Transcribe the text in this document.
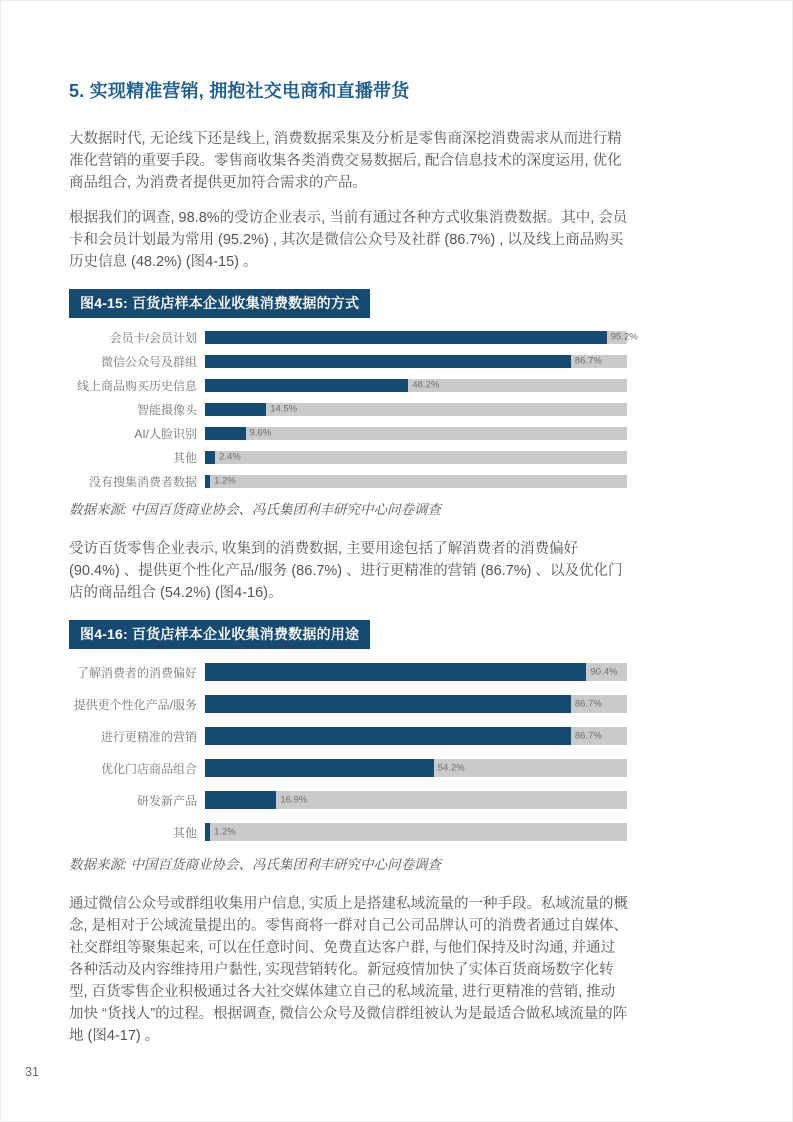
5. 实现精准营销, 拥抱社交电商和直播带货

大数据时代, 无论线下还是线上, 消费数据采集及分析是零售商深挖消费需求从而进行精准化营销的重要手段。零售商收集各类消费交易数据后, 配合信息技术的深度运用, 优化商品组合, 为消费者提供更加符合需求的产品。

根据我们的调查, 98.8%的受访企业表示, 当前有通过各种方式收集消费数据。其中, 会员卡和会员计划最为常用 (95.2%) , 其次是微信公众号及社群 (86.7%) , 以及线上商品购买历史信息 (48.2%) (图4-15) 。

图4-15: 百货店样本企业收集消费数据的方式
会员卡/会员计划	95.2%
微信公众号及群组	86.7%
线上商品购买历史信息	48.2%
智能摄像头	14.5%
AI/人脸识别	9.6%
其他	2.4%
没有搜集消费者数据	1.2%
数据来源: 中国百货商业协会、冯氏集团利丰研究中心问卷调查

受访百货零售企业表示, 收集到的消费数据, 主要用途包括了解消费者的消费偏好 (90.4%) 、提供更个性化产品/服务 (86.7%) 、进行更精准的营销 (86.7%) 、以及优化门店的商品组合 (54.2%) (图4-16)。

图4-16: 百货店样本企业收集消费数据的用途
了解消费者的消费偏好	90.4%
提供更个性化产品/服务	86.7%
进行更精准的营销	86.7%
优化门店商品组合	54.2%
研发新产品	16.9%
其他	1.2%
数据来源: 中国百货商业协会、冯氏集团利丰研究中心问卷调查

通过微信公众号或群组收集用户信息, 实质上是搭建私域流量的一种手段。私域流量的概念, 是相对于公域流量提出的。零售商将一群对自己公司品牌认可的消费者通过自媒体、社交群组等聚集起来, 可以在任意时间、免费直达客户群, 与他们保持及时沟通, 并通过各种活动及内容维持用户黏性, 实现营销转化。新冠疫情加快了实体百货商场数字化转型, 百货零售企业积极通过各大社交媒体建立自己的私域流量, 进行更精准的营销, 推动加快 “货找人”的过程。根据调查, 微信公众号及微信群组被认为是最适合做私域流量的阵地 (图4-17) 。

31
